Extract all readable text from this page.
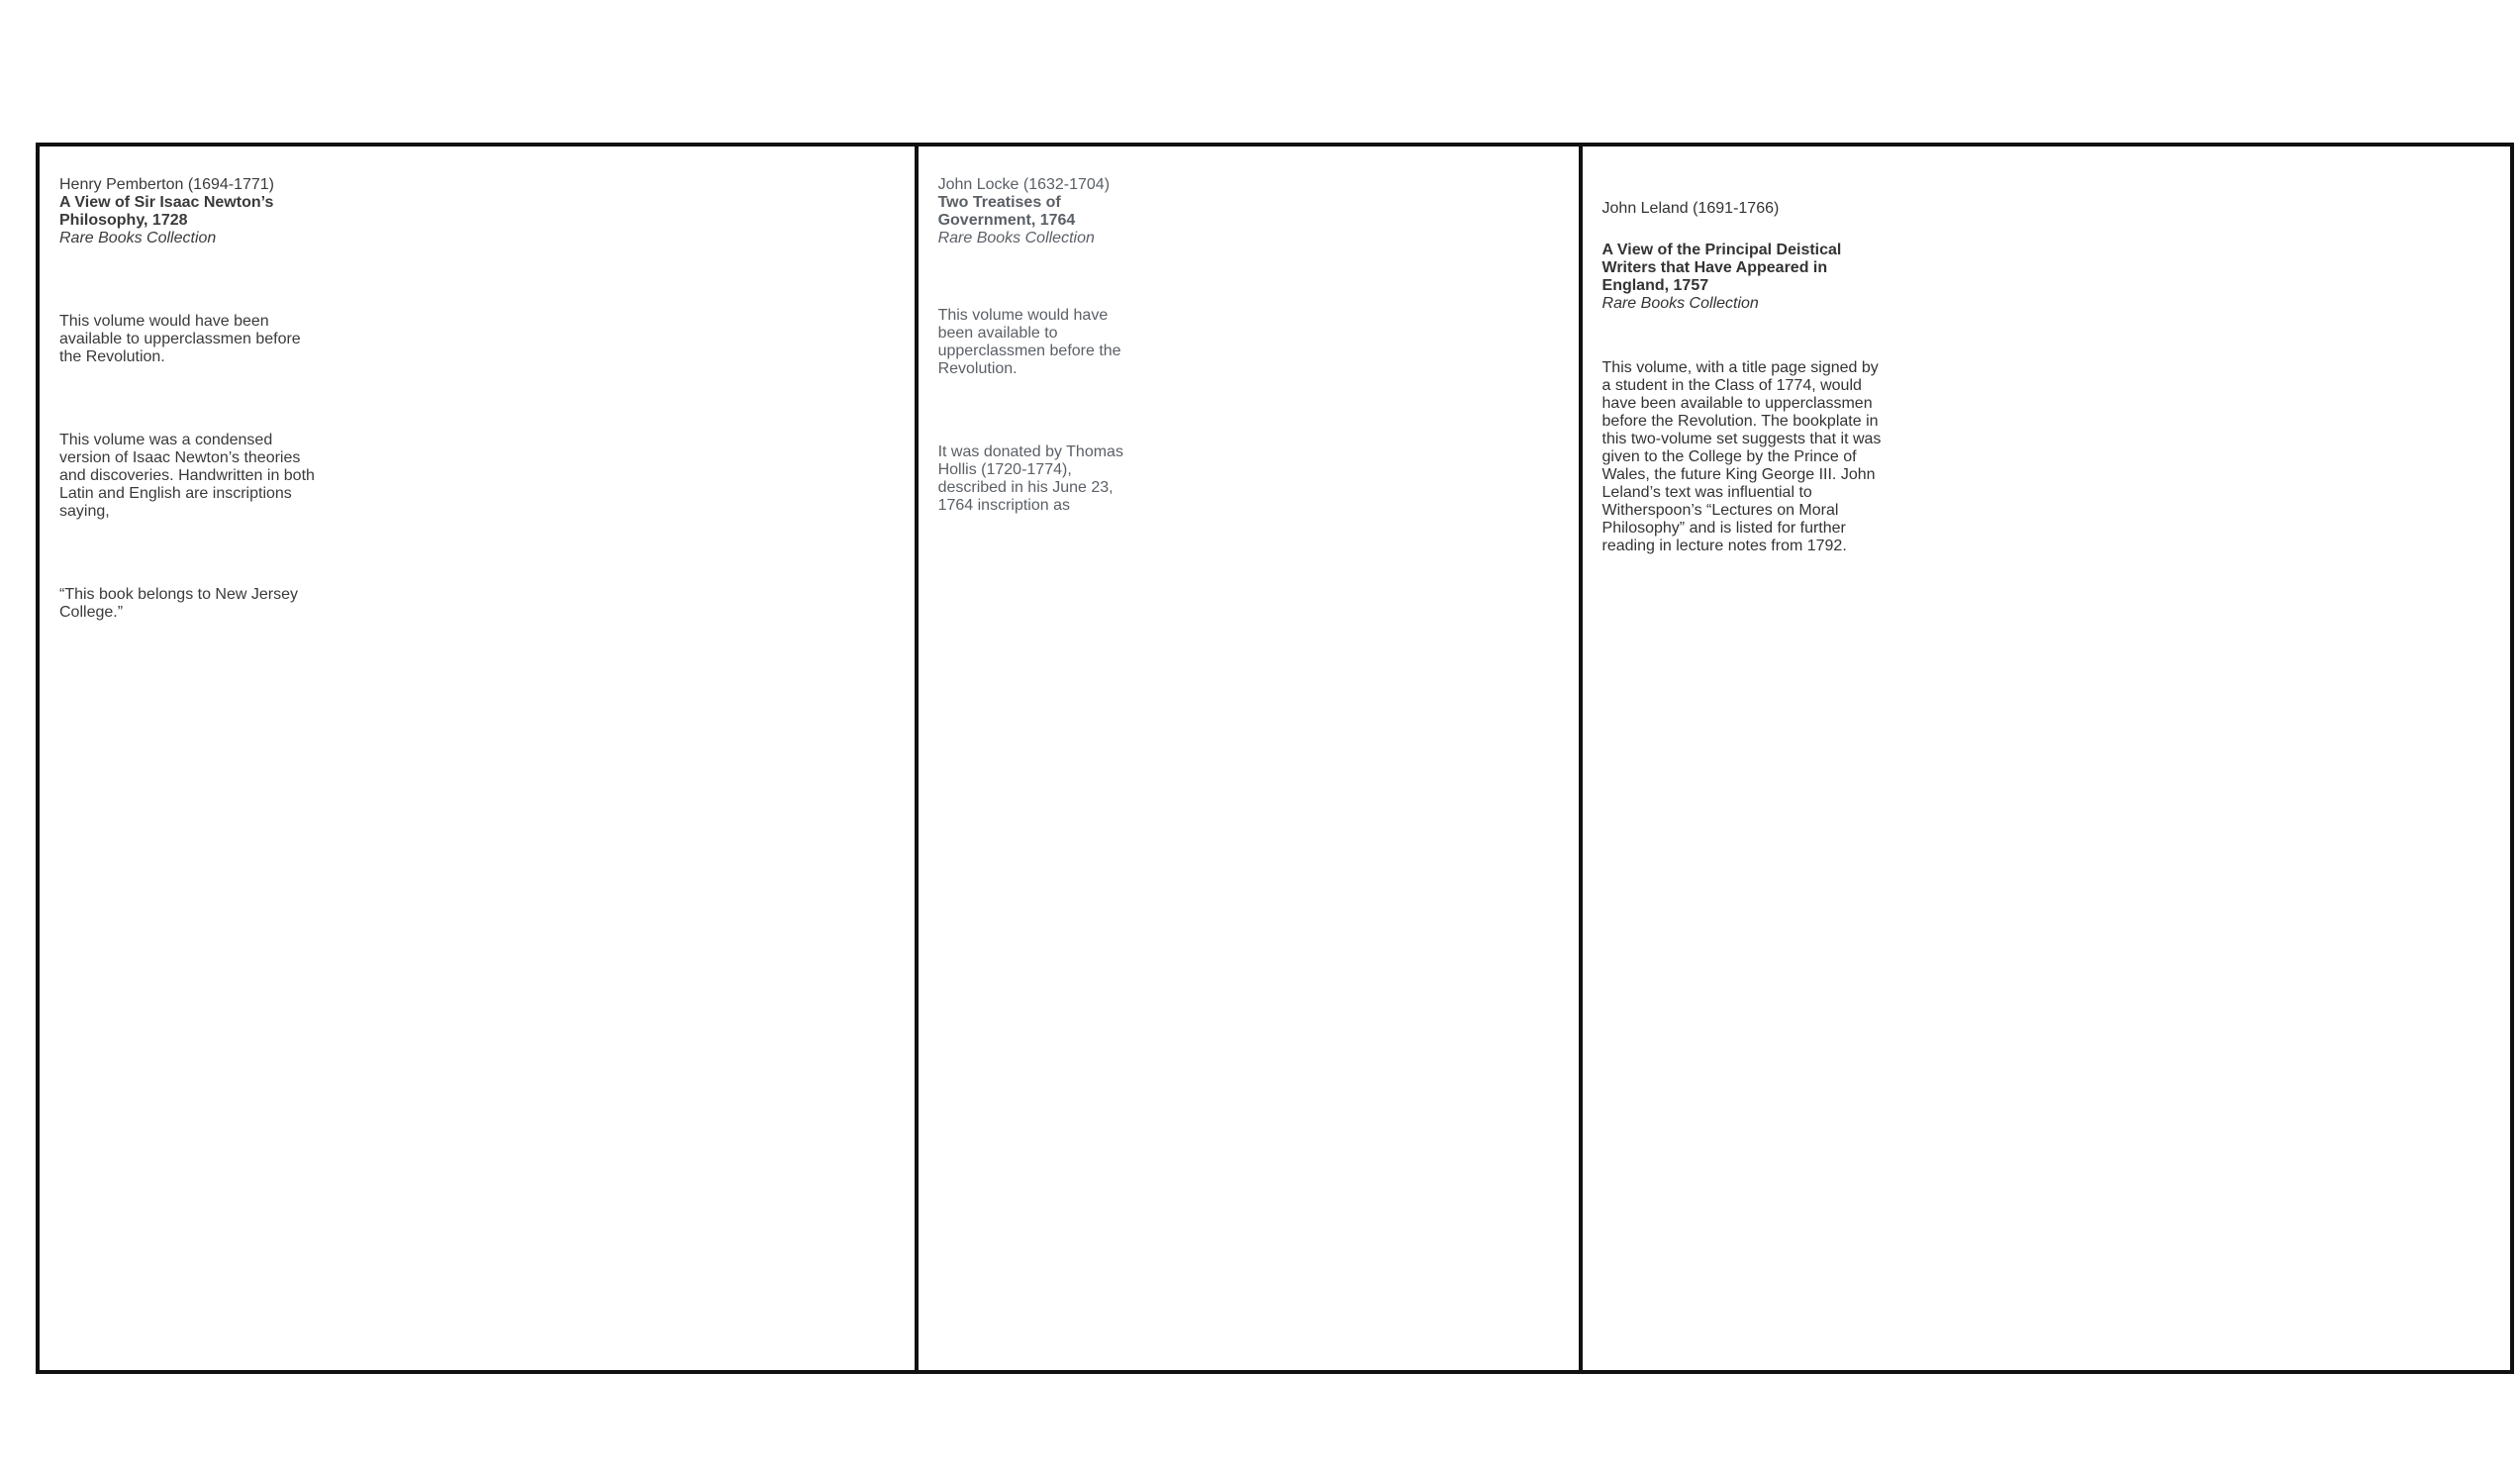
Henry Pemberton (1694-1771)

A View of Sir Isaac Newton’s
Philosophy, 1728

Rare Books Collection

This volume would have been
available to upperclassmen before
the Revolution.

This volume was a condensed
version of Isaac Newton’s theories
and discoveries. Handwritten in both
Latin and English are inscriptions
saying,

“This book belongs to New Jersey
College.”

John Locke (1632-1704)

Two Treatises of
Government, 1764

Rare Books Collection

This volume would have
been available to
upperclassmen before the
Revolution.

It was donated by Thomas
Hollis (1720-1774),
described in his June 23,
1764 inscription as

John Leland (1691-1766)

A View of the Principal Deistical
Writers that Have Appeared in
England, 1757

Rare Books Collection

This volume, with a title page signed by
a student in the Class of 1774, would
have been available to upperclassmen
before the Revolution. The bookplate in
this two-volume set suggests that it was
given to the College by the Prince of
Wales, the future King George III. John
Leland’s text was influential to
Witherspoon’s “Lectures on Moral
Philosophy” and is listed for further
reading in lecture notes from 1792.
